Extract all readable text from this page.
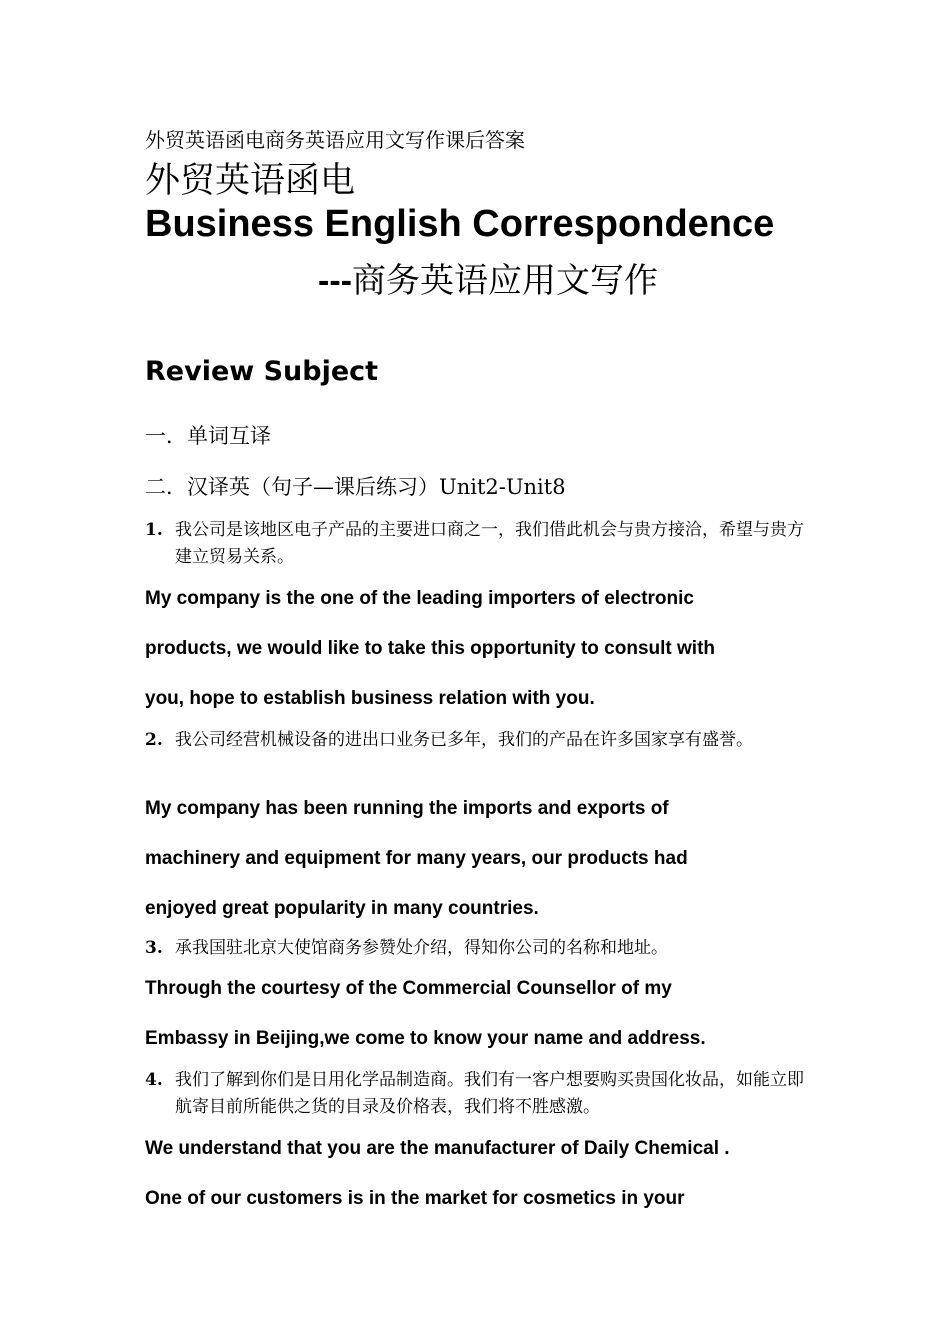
外贸英语函电商务英语应用文写作课后答案
外贸英语函电
Business English Correspondence
---商务英语应用文写作
Review Subject
一．单词互译
二．汉译英（句子—课后练习）Unit2-Unit8
1. 我公司是该地区电子产品的主要进口商之一，我们借此机会与贵方接洽，希望与贵方建立贸易关系。
My company is the one of the leading importers of electronic
products, we would like to take this opportunity to consult with
you, hope to establish business relation with you.
2. 我公司经营机械设备的进出口业务已多年，我们的产品在许多国家享有盛誉。
My company has been running the imports and exports of
machinery and equipment for many years, our products had
enjoyed great popularity in many countries.
3. 承我国驻北京大使馆商务参赞处介绍，得知你公司的名称和地址。
Through the courtesy of the Commercial Counsellor of my
Embassy in Beijing,we come to know your name and address.
4. 我们了解到你们是日用化学品制造商。我们有一客户想要购买贵国化妆品，如能立即航寄目前所能供之货的目录及价格表，我们将不胜感激。
We understand that you are the manufacturer of Daily Chemical .
One of our customers is in the market for cosmetics in your
